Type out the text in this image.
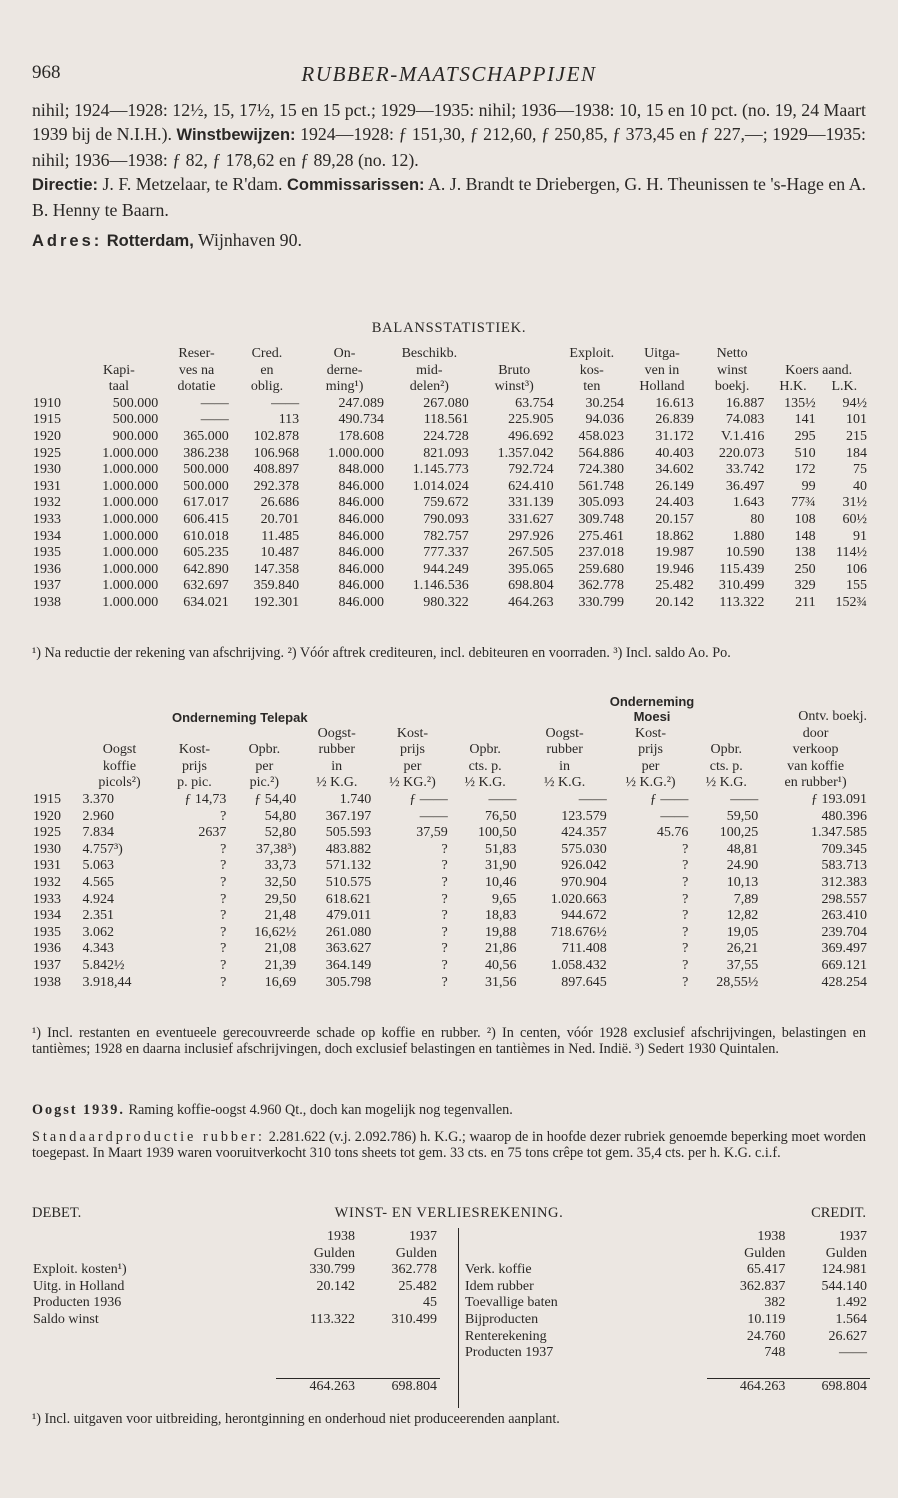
968	RUBBER-MAATSCHAPPIJEN

nihil; 1924—1928: 12½, 15, 17½, 15 en 15 pct.; 1929—1935: nihil; 1936—1938: 10, 15 en 10 pct. (no. 19, 24 Maart 1939 bij de N.I.H.). Winstbewijzen: 1924—1928: ƒ 151,30, ƒ 212,60, ƒ 250,85, ƒ 373,45 en ƒ 227,—; 1929—1935: nihil; 1936—1938: ƒ 82, ƒ 178,62 en ƒ 89,28 (no. 12).

Directie: J. F. Metzelaar, te R'dam. Commissarissen: A. J. Brandt te Driebergen, G. H. Theunissen te 's-Hage en A. B. Henny te Baarn.

Adres: Rotterdam, Wijnhaven 90.

BALANSSTATISTIEK.
		Reser-	Cred.	On-	Beschikb.		Exploit.	Uitga-	Netto		
	Kapi-	ves na	en	derne-	mid-	Bruto	kos-	ven in	winst	Koers aand.	
	taal	dotatie	oblig.	ming¹)	delen²)	winst³)	ten	Holland	boekj.	H.K.	L.K.
1910	500.000	——	——	247.089	267.080	63.754	30.254	16.613	16.887	135½	94½
1915	500.000	——	113	490.734	118.561	225.905	94.036	26.839	74.083	141	101
1920	900.000	365.000	102.878	178.608	224.728	496.692	458.023	31.172	V.1.416	295	215
1925	1.000.000	386.238	106.968	1.000.000	821.093	1.357.042	564.886	40.403	220.073	510	184
1930	1.000.000	500.000	408.897	848.000	1.145.773	792.724	724.380	34.602	33.742	172	75
1931	1.000.000	500.000	292.378	846.000	1.014.024	624.410	561.748	26.149	36.497	99	40
1932	1.000.000	617.017	26.686	846.000	759.672	331.139	305.093	24.403	1.643	77¾	31½
1933	1.000.000	606.415	20.701	846.000	790.093	331.627	309.748	20.157	80	108	60½
1934	1.000.000	610.018	11.485	846.000	782.757	297.926	275.461	18.862	1.880	148	91
1935	1.000.000	605.235	10.487	846.000	777.337	267.505	237.018	19.987	10.590	138	114½
1936	1.000.000	642.890	147.358	846.000	944.249	395.065	259.680	19.946	115.439	250	106
1937	1.000.000	632.697	359.840	846.000	1.146.536	698.804	362.778	25.482	310.499	329	155
1938	1.000.000	634.021	192.301	846.000	980.322	464.263	330.799	20.142	113.322	211	152¾
¹) Na reductie der rekening van afschrijving. ²) Vóór aftrek crediteuren, incl. debiteuren en voorraden. ³) Incl. saldo Ao. Po.
Onderneming
Moesi
Onderneming Telepak
										Ontv. boekj.
				Oogst-	Kost-		Oogst-	Kost-		door
	Oogst	Kost-	Opbr.	rubber	prijs	Opbr.	rubber	prijs	Opbr.	verkoop
	koffie	prijs	per	in	per	cts. p.	in	per	cts. p.	van koffie
	picols²)	p. pic.	pic.²)	½ K.G.	½ KG.²)	½ K.G.	½ K.G.	½ K.G.²)	½ K.G.	en rubber¹)
1915	3.370	ƒ 14,73	ƒ 54,40	1.740	ƒ ——	——	——	ƒ ——	——	ƒ 193.091
1920	2.960	?	54,80	367.197	——	76,50	123.579	——	59,50	480.396
1925	7.834	2637	52,80	505.593	37,59	100,50	424.357	45.76	100,25	1.347.585
1930	4.757³)	?	37,38³)	483.882	?	51,83	575.030	?	48,81	709.345
1931	5.063	?	33,73	571.132	?	31,90	926.042	?	24.90	583.713
1932	4.565	?	32,50	510.575	?	10,46	970.904	?	10,13	312.383
1933	4.924	?	29,50	618.621	?	9,65	1.020.663	?	7,89	298.557
1934	2.351	?	21,48	479.011	?	18,83	944.672	?	12,82	263.410
1935	3.062	?	16,62½	261.080	?	19,88	718.676½	?	19,05	239.704
1936	4.343	?	21,08	363.627	?	21,86	711.408	?	26,21	369.497
1937	5.842½	?	21,39	364.149	?	40,56	1.058.432	?	37,55	669.121
1938	3.918,44	?	16,69	305.798	?	31,56	897.645	?	28,55½	428.254
¹) Incl. restanten en eventueele gerecouvreerde schade op koffie en rubber. ²) In centen, vóór 1928 exclusief afschrijvingen, belastingen en tantièmes; 1928 en daarna inclusief afschrijvingen, doch exclusief belastingen en tantièmes in Ned. Indië. ³) Sedert 1930 Quintalen.
Oogst 1939. Raming koffie-oogst 4.960 Qt., doch kan mogelijk nog tegenvallen.
Standaardproductie rubber: 2.281.622 (v.j. 2.092.786) h. K.G.; waarop de in hoofde dezer rubriek genoemde beperking moet worden toegepast. In Maart 1939 waren vooruitverkocht 310 tons sheets tot gem. 33 cts. en 75 tons crêpe tot gem. 35,4 cts. per h. K.G. c.i.f.
DEBET.	WINST- EN VERLIESREKENING.	CREDIT.
	1938	1937
	Gulden	Gulden
Exploit. kosten¹)	330.799	362.778
Uitg. in Holland	20.142	25.482
Producten 1936		45
Saldo winst	113.322	310.499

	464.263	698.804
	1938	1937
	Gulden	Gulden
Verk. koffie	65.417	124.981
Idem rubber	362.837	544.140
Toevallige baten	382	1.492
Bijproducten	10.119	1.564
Renterekening	24.760	26.627
Producten 1937	748	——

	464.263	698.804
¹) Incl. uitgaven voor uitbreiding, herontginning en onderhoud niet produceerenden aanplant.
